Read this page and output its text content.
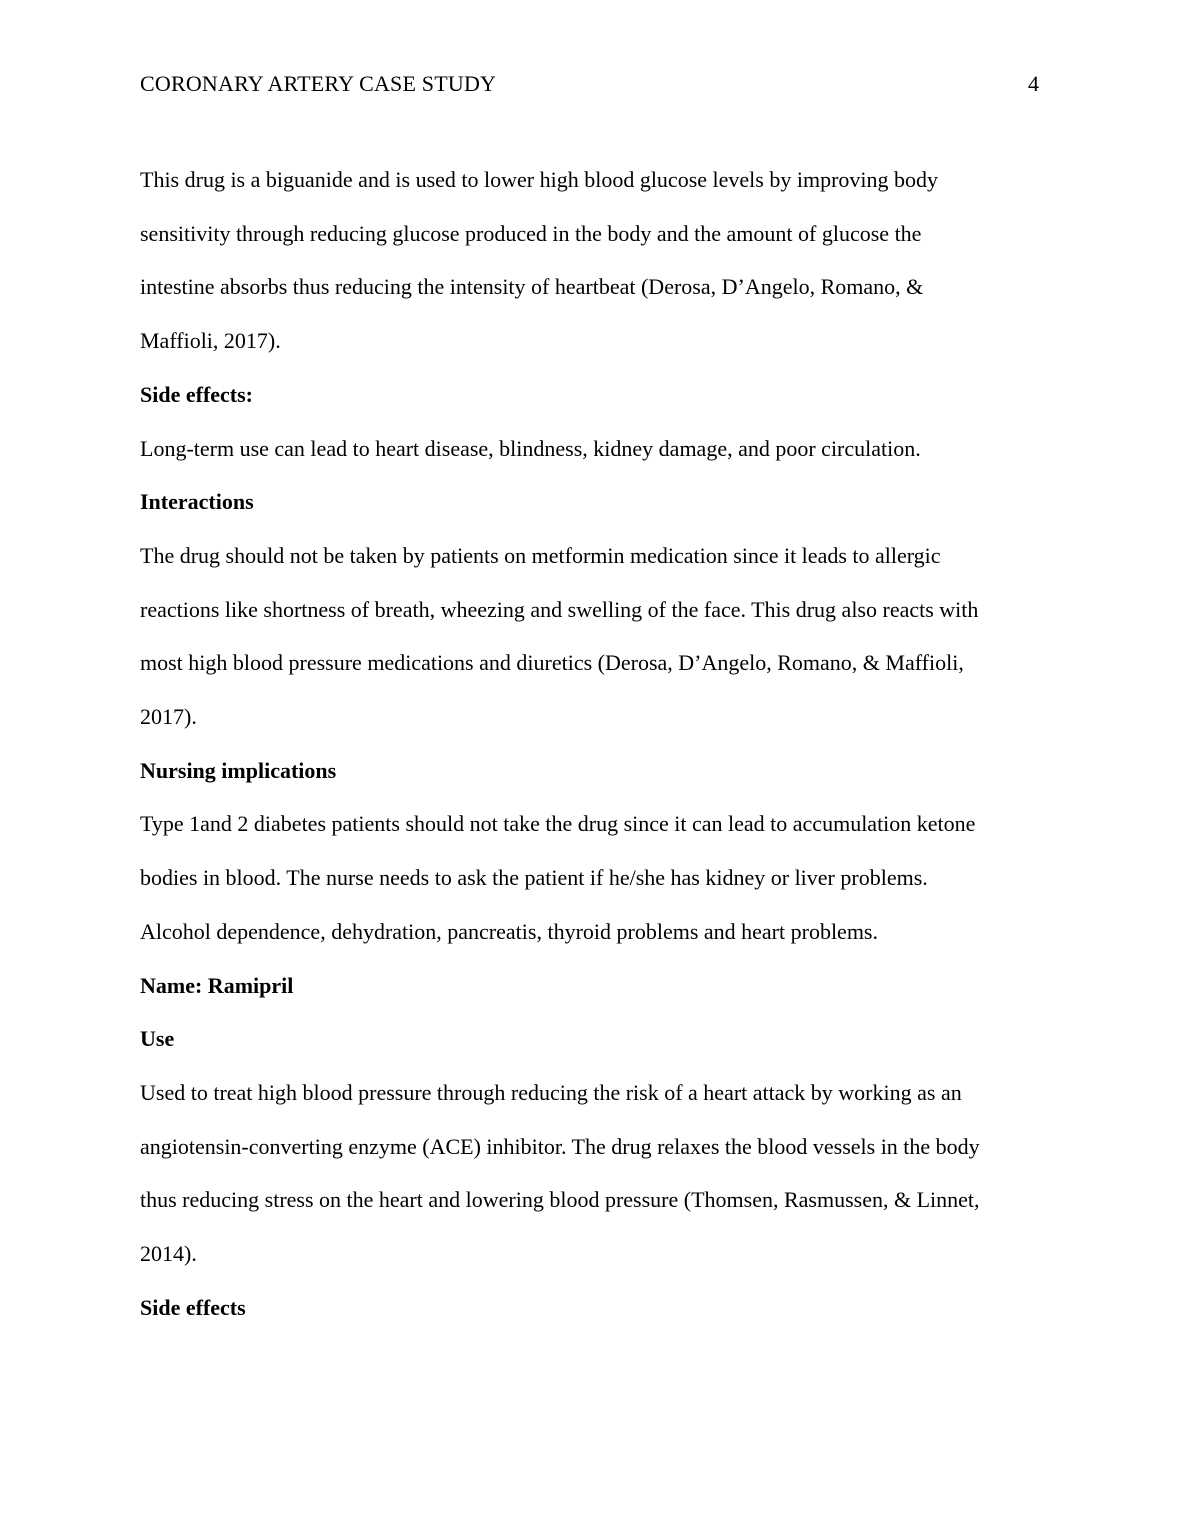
CORONARY ARTERY CASE STUDY	4

This drug is a biguanide and is used to lower high blood glucose levels by improving body

sensitivity through reducing glucose produced in the body and the amount of glucose the

intestine absorbs thus reducing the intensity of heartbeat (Derosa, D’Angelo, Romano, &

Maffioli, 2017).

Side effects:

Long-term use can lead to heart disease, blindness, kidney damage, and poor circulation.

Interactions

The drug should not be taken by patients on metformin medication since it leads to allergic

reactions like shortness of breath, wheezing and swelling of the face. This drug also reacts with

most high blood pressure medications and diuretics (Derosa, D’Angelo, Romano, & Maffioli,

2017).

Nursing implications

Type 1and 2 diabetes patients should not take the drug since it can lead to accumulation ketone

bodies in blood. The nurse needs to ask the patient if he/she has kidney or liver problems.

Alcohol dependence, dehydration, pancreatis, thyroid problems and heart problems.

Name: Ramipril

Use

Used to treat high blood pressure through reducing the risk of a heart attack by working as an

angiotensin-converting enzyme (ACE) inhibitor. The drug relaxes the blood vessels in the body

thus reducing stress on the heart and lowering blood pressure (Thomsen, Rasmussen, & Linnet,

2014).

Side effects
